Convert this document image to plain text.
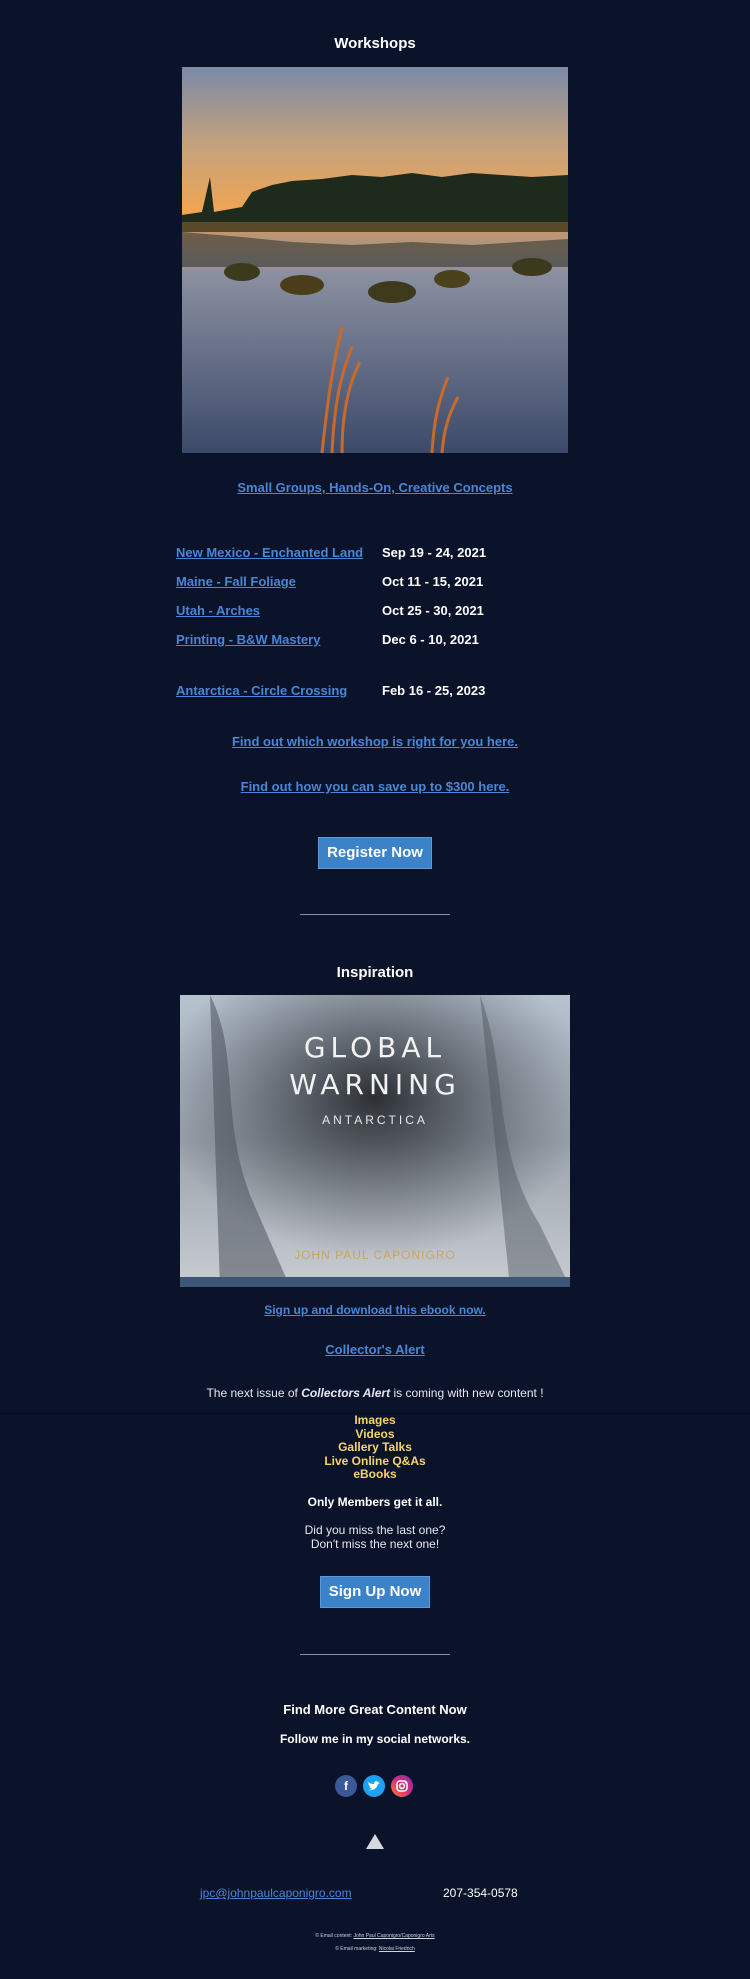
Workshops
Small Groups, Hands-On, Creative Concepts
New Mexico - Enchanted Land Sep 19 - 24, 2021
Maine - Fall Foliage	Oct 11 - 15, 2021
Utah - Arches	Oct 25 - 30, 2021
Printing - B&W Mastery	Dec 6 - 10, 2021
Antarctica - Circle Crossing	Feb 16 - 25, 2023
Find out which workshop is right for you here.
Find out how you can save up to $300 here.
Register Now
Inspiration
GLOBAL
WARNING
ANTARCTICA
JOHN PAUL CAPONIGRO
Sign up and download this ebook now.
Collector's Alert
The next issue of Collectors Alert is coming with new content !
Images
Videos
Gallery Talks
Live Online Q&As
eBooks
Only Members get it all.
Did you miss the last one?
Don't miss the next one!
Sign Up Now
Find More Great Content Now
Follow me in my social networks.
f
jpc@johnpaulcaponigro.com	207-354-0578
© Email content: John Paul Caponigro/Caponigro Arts
© Email marketing: Nicolai Friedrich
